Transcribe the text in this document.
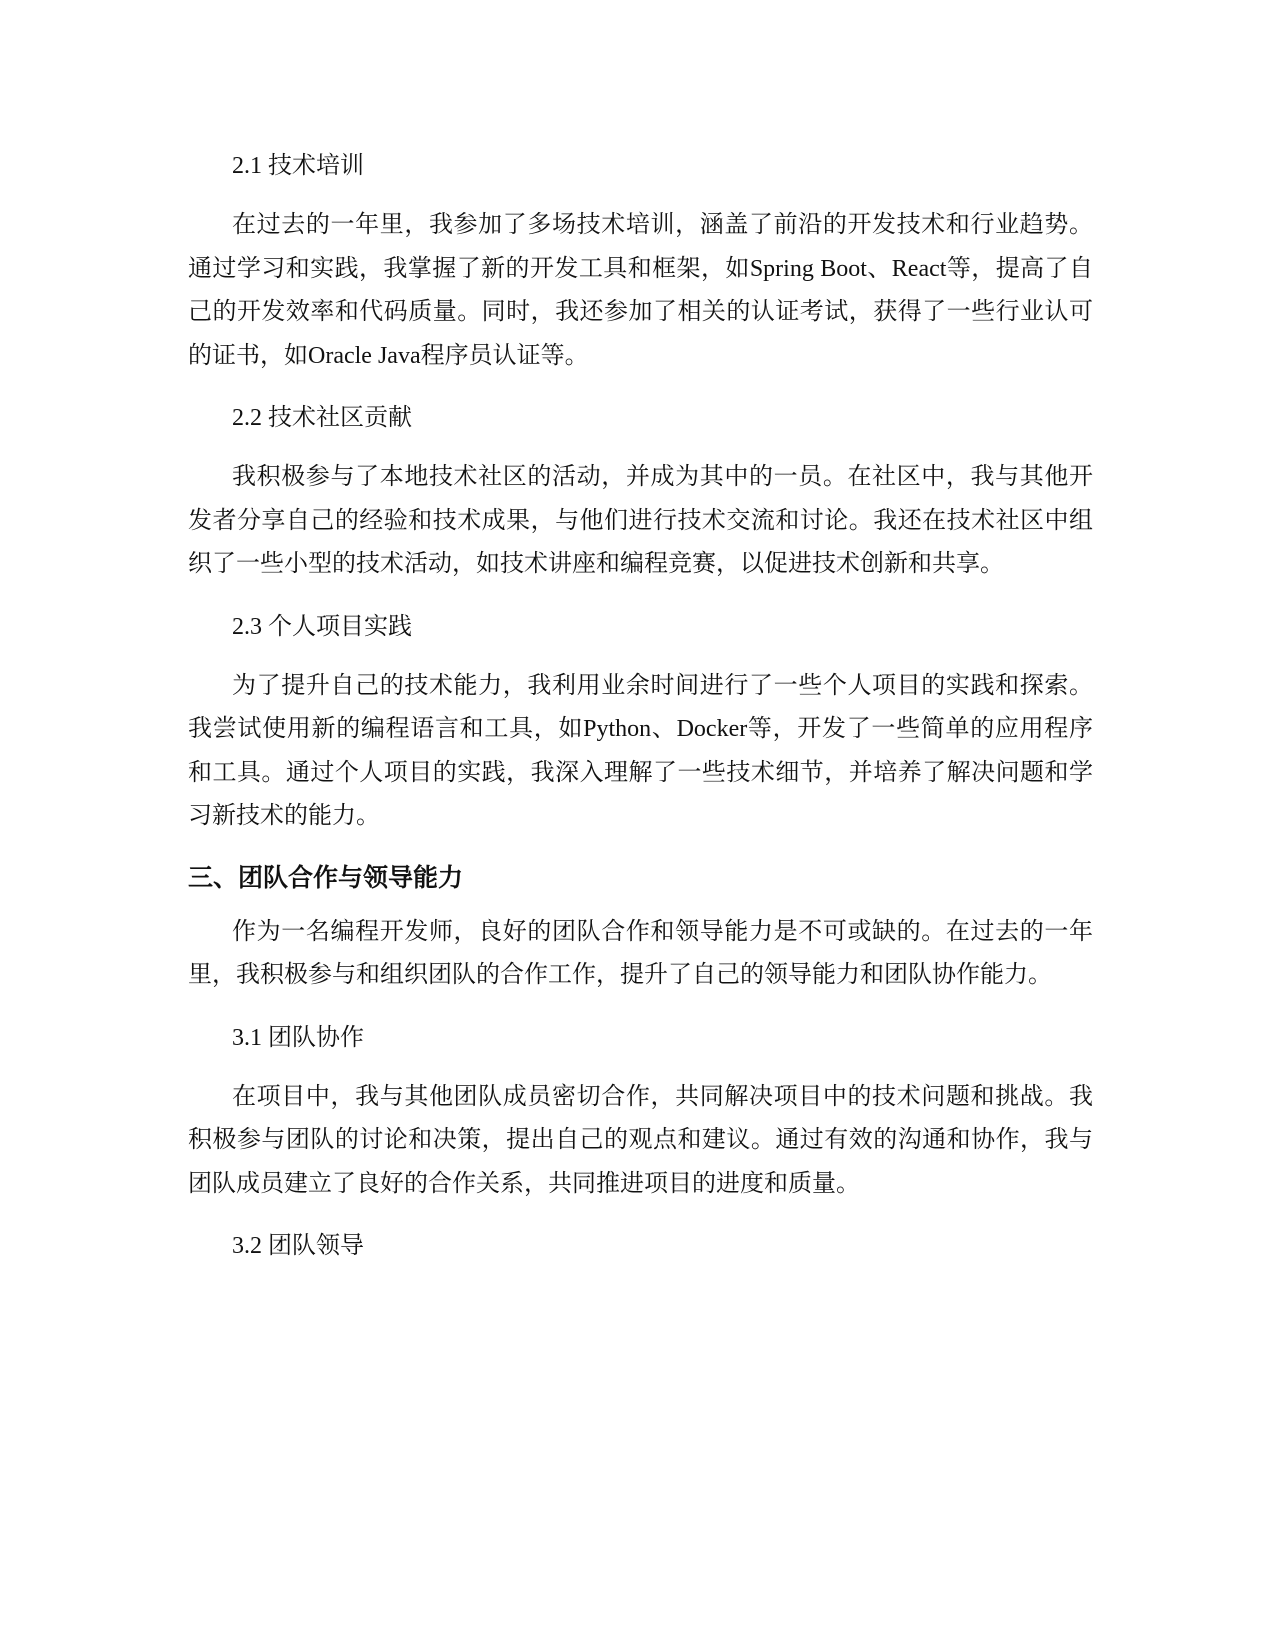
2.1 技术培训

在过去的一年里，我参加了多场技术培训，涵盖了前沿的开发技术和行业趋势。通过学习和实践，我掌握了新的开发工具和框架，如Spring Boot、React等，提高了自己的开发效率和代码质量。同时，我还参加了相关的认证考试，获得了一些行业认可的证书，如Oracle Java程序员认证等。

2.2 技术社区贡献

我积极参与了本地技术社区的活动，并成为其中的一员。在社区中，我与其他开发者分享自己的经验和技术成果，与他们进行技术交流和讨论。我还在技术社区中组织了一些小型的技术活动，如技术讲座和编程竞赛，以促进技术创新和共享。

2.3 个人项目实践

为了提升自己的技术能力，我利用业余时间进行了一些个人项目的实践和探索。我尝试使用新的编程语言和工具，如Python、Docker等，开发了一些简单的应用程序和工具。通过个人项目的实践，我深入理解了一些技术细节，并培养了解决问题和学习新技术的能力。

三、团队合作与领导能力

作为一名编程开发师，良好的团队合作和领导能力是不可或缺的。在过去的一年里，我积极参与和组织团队的合作工作，提升了自己的领导能力和团队协作能力。

3.1 团队协作

在项目中，我与其他团队成员密切合作，共同解决项目中的技术问题和挑战。我积极参与团队的讨论和决策，提出自己的观点和建议。通过有效的沟通和协作，我与团队成员建立了良好的合作关系，共同推进项目的进度和质量。

3.2 团队领导
